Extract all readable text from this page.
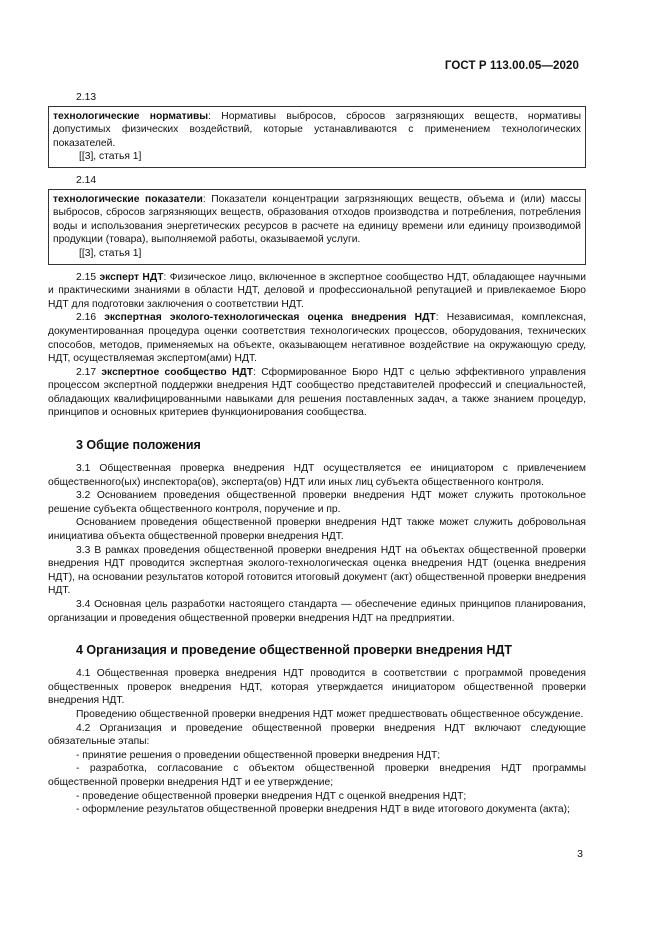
ГОСТ Р 113.00.05—2020

2.13

технологические нормативы: Нормативы выбросов, сбросов загрязняющих веществ, нормативы допустимых физических воздействий, которые устанавливаются с применением технологических показателей.

[[3], статья 1]

2.14

технологические показатели: Показатели концентрации загрязняющих веществ, объема и (или) массы выбросов, сбросов загрязняющих веществ, образования отходов производства и потребления, потребления воды и использования энергетических ресурсов в расчете на единицу времени или единицу производимой продукции (товара), выполняемой работы, оказываемой услуги.

[[3], статья 1]

2.15 эксперт НДТ: Физическое лицо, включенное в экспертное сообщество НДТ, обладающее научными и практическими знаниями в области НДТ, деловой и профессиональной репутацией и привлекаемое Бюро НДТ для подготовки заключения о соответствии НДТ.

2.16 экспертная эколого-технологическая оценка внедрения НДТ: Независимая, комплексная, документированная процедура оценки соответствия технологических процессов, оборудования, технических способов, методов, применяемых на объекте, оказывающем негативное воздействие на окружающую среду, НДТ, осуществляемая экспертом(ами) НДТ.

2.17 экспертное сообщество НДТ: Сформированное Бюро НДТ с целью эффективного управления процессом экспертной поддержки внедрения НДТ сообщество представителей профессий и специальностей, обладающих квалифицированными навыками для решения поставленных задач, а также знанием процедур, принципов и основных критериев функционирования сообщества.

3 Общие положения

3.1 Общественная проверка внедрения НДТ осуществляется ее инициатором с привлечением общественного(ых) инспектора(ов), эксперта(ов) НДТ или иных лиц субъекта общественного контроля.

3.2 Основанием проведения общественной проверки внедрения НДТ может служить протокольное решение субъекта общественного контроля, поручение и пр.

Основанием проведения общественной проверки внедрения НДТ также может служить добровольная инициатива объекта общественной проверки внедрения НДТ.

3.3 В рамках проведения общественной проверки внедрения НДТ на объектах общественной проверки внедрения НДТ проводится экспертная эколого-технологическая оценка внедрения НДТ (оценка внедрения НДТ), на основании результатов которой готовится итоговый документ (акт) общественной проверки внедрения НДТ.

3.4 Основная цель разработки настоящего стандарта — обеспечение единых принципов планирования, организации и проведения общественной проверки внедрения НДТ на предприятии.

4 Организация и проведение общественной проверки внедрения НДТ

4.1 Общественная проверка внедрения НДТ проводится в соответствии с программой проведения общественных проверок внедрения НДТ, которая утверждается инициатором общественной проверки внедрения НДТ.

Проведению общественной проверки внедрения НДТ может предшествовать общественное обсуждение.

4.2 Организация и проведение общественной проверки внедрения НДТ включают следующие обязательные этапы:

- принятие решения о проведении общественной проверки внедрения НДТ;

- разработка, согласование с объектом общественной проверки внедрения НДТ программы общественной проверки внедрения НДТ и ее утверждение;

- проведение общественной проверки внедрения НДТ с оценкой внедрения НДТ;

- оформление результатов общественной проверки внедрения НДТ в виде итогового документа (акта);

3
